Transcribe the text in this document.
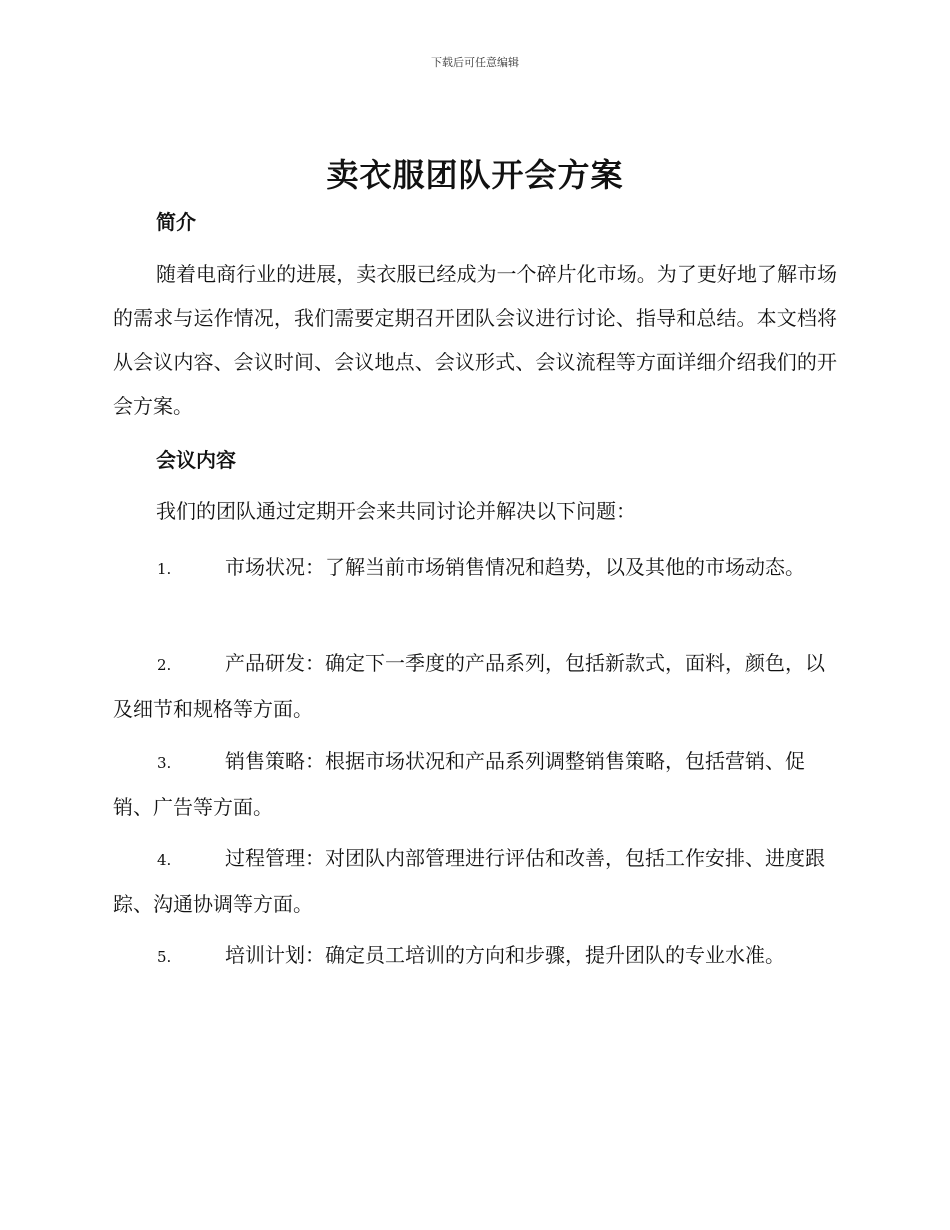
下载后可任意编辑
卖衣服团队开会方案
简介

随着电商行业的进展，卖衣服已经成为一个碎片化市场。为了更好地了解市场的需求与运作情况，我们需要定期召开团队会议进行讨论、指导和总结。本文档将从会议内容、会议时间、会议地点、会议形式、会议流程等方面详细介绍我们的开会方案。

会议内容

我们的团队通过定期开会来共同讨论并解决以下问题：

1.	市场状况：了解当前市场销售情况和趋势，以及其他的市场动态。

2.	产品研发：确定下一季度的产品系列，包括新款式，面料，颜色，以及细节和规格等方面。

3.	销售策略：根据市场状况和产品系列调整销售策略，包括营销、促销、广告等方面。

4.	过程管理：对团队内部管理进行评估和改善，包括工作安排、进度跟踪、沟通协调等方面。

5.	培训计划：确定员工培训的方向和步骤，提升团队的专业水准。
